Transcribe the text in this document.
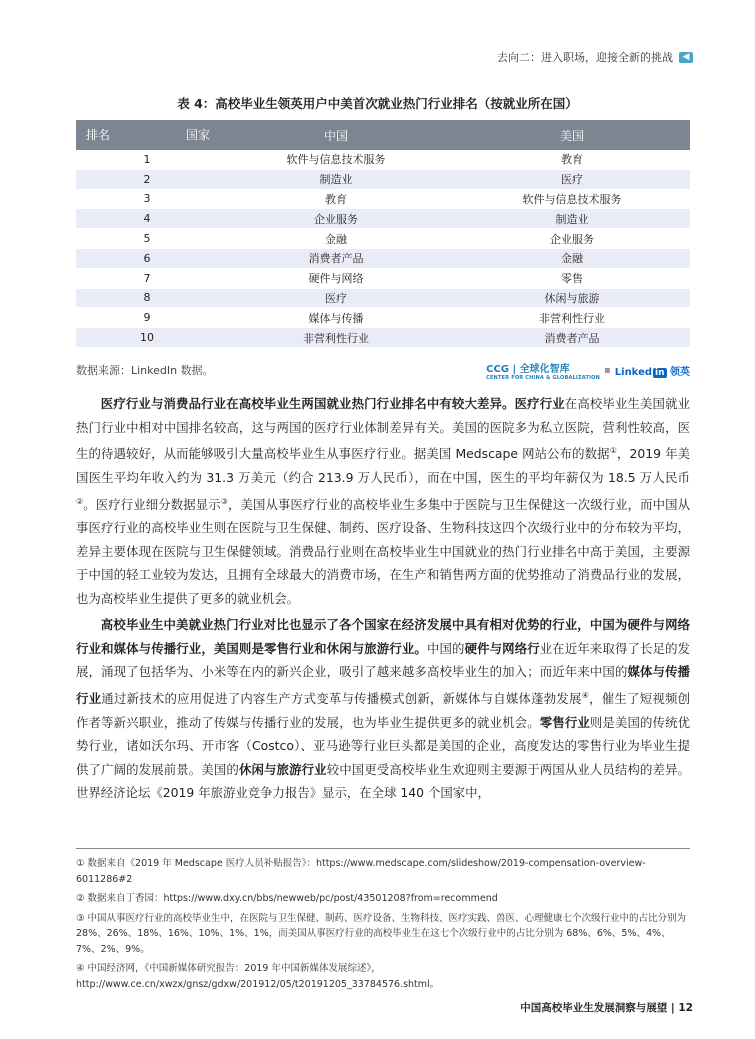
去向二：进入职场，迎接全新的挑战	◀
表 4：高校毕业生领英用户中美首次就业热门行业排名（按就业所在国）
排名 国家	中国	美国
1	软件与信息技术服务	教育
2	制造业	医疗
3	教育	软件与信息技术服务
4	企业服务	制造业
5	金融	企业服务
6	消费者产品	金融
7	硬件与网络	零售
8	医疗	休闲与旅游
9	媒体与传播	非营利性行业
10	非营利性行业	消费者产品
数据来源：LinkedIn 数据。	CCG | 全球化智库
CENTER FOR CHINA & GLOBALIZATION
▪ Linked in 领英

医疗行业与消费品行业在高校毕业生两国就业热门行业排名中有较大差异。医疗行业在高校毕业生美国就业热门行业中相对中国排名较高，这与两国的医疗行业体制差异有关。美国的医院多为私立医院，营利性较高，医生的待遇较好，从而能够吸引大量高校毕业生从事医疗行业。据美国 Medscape 网站公布的数据①，2019 年美国医生平均年收入约为 31.3 万美元（约合 213.9 万人民币），而在中国，医生的平均年薪仅为 18.5 万人民币②。医疗行业细分数据显示③，美国从事医疗行业的高校毕业生多集中于医院与卫生保健这一次级行业，而中国从事医疗行业的高校毕业生则在医院与卫生保健、制药、医疗设备、生物科技这四个次级行业中的分布较为平均，差异主要体现在医院与卫生保健领域。消费品行业则在高校毕业生中国就业的热门行业排名中高于美国，主要源于中国的轻工业较为发达，且拥有全球最大的消费市场，在生产和销售两方面的优势推动了消费品行业的发展，也为高校毕业生提供了更多的就业机会。

高校毕业生中美就业热门行业对比也显示了各个国家在经济发展中具有相对优势的行业，中国为硬件与网络行业和媒体与传播行业，美国则是零售行业和休闲与旅游行业。中国的硬件与网络行业在近年来取得了长足的发展，涌现了包括华为、小米等在内的新兴企业，吸引了越来越多高校毕业生的加入；而近年来中国的媒体与传播行业通过新技术的应用促进了内容生产方式变革与传播模式创新，新媒体与自媒体蓬勃发展④，催生了短视频创作者等新兴职业，推动了传媒与传播行业的发展，也为毕业生提供更多的就业机会。零售行业则是美国的传统优势行业，诸如沃尔玛、开市客（Costco）、亚马逊等行业巨头都是美国的企业，高度发达的零售行业为毕业生提供了广阔的发展前景。美国的休闲与旅游行业较中国更受高校毕业生欢迎则主要源于两国从业人员结构的差异。世界经济论坛《2019 年旅游业竞争力报告》显示，在全球 140 个国家中，

① 数据来自《2019 年 Medscape 医疗人员补贴报告》：https://www.medscape.com/slideshow/2019-compensation-overview-6011286#2
② 数据来自丁香园：https://www.dxy.cn/bbs/newweb/pc/post/43501208?from=recommend
③ 中国从事医疗行业的高校毕业生中，在医院与卫生保健、制药、医疗设备、生物科技、医疗实践、兽医、心理健康七个次级行业中的占比分别为 28%、26%、18%、16%、10%、1%、1%，而美国从事医疗行业的高校毕业生在这七个次级行业中的占比分别为 68%、6%、5%、4%、7%、2%、9%。
④ 中国经济网，《中国新媒体研究报告：2019 年中国新媒体发展综述》，http://www.ce.cn/xwzx/gnsz/gdxw/201912/05/t20191205_33784576.shtml。
中国高校毕业生发展洞察与展望 | 12
